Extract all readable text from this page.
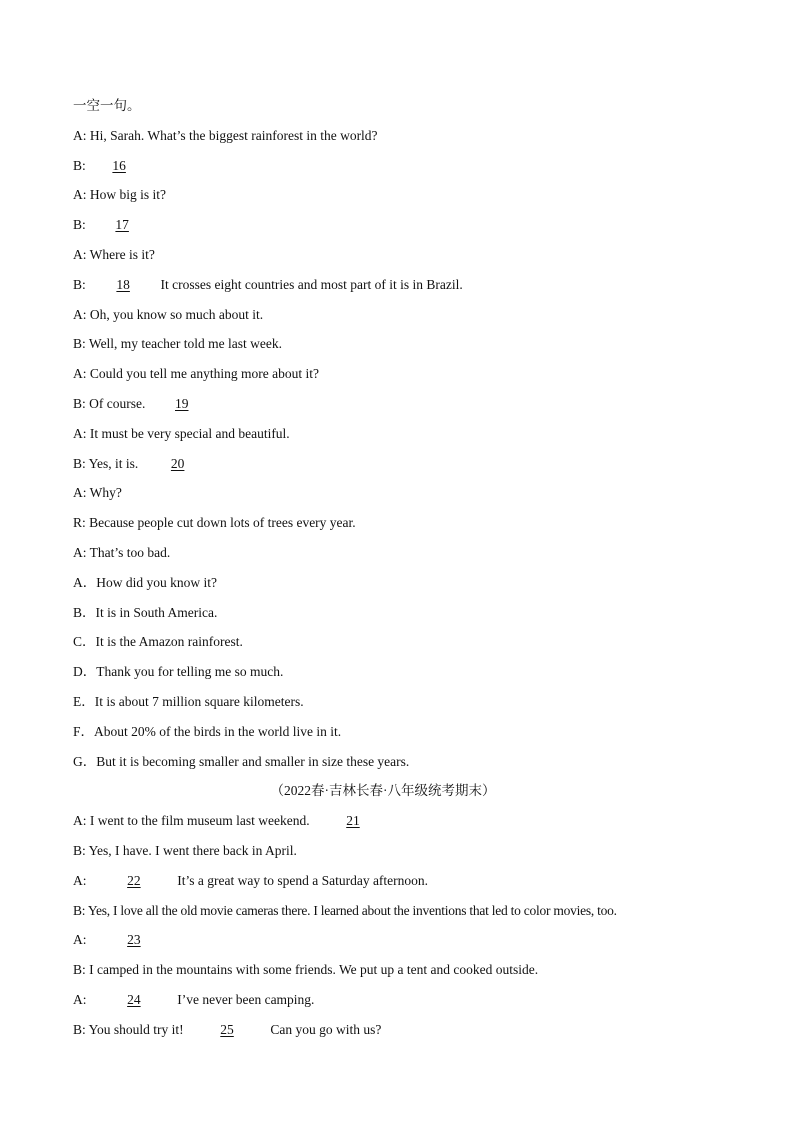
一空一句。
A: Hi, Sarah. What’s the biggest rainforest in the world?
B: 16
A: How big is it?
B: 17
A: Where is it?
B: 18 It crosses eight countries and most part of it is in Brazil.
A: Oh, you know so much about it.
B: Well, my teacher told me last week.
A: Could you tell me anything more about it?
B: Of course. 19
A: It must be very special and beautiful.
B: Yes, it is. 20
A: Why?
R: Because people cut down lots of trees every year.
A: That’s too bad.
A．How did you know it?
B．It is in South America.
C．It is the Amazon rainforest.
D．Thank you for telling me so much.
E．It is about 7 million square kilometers.
F．About 20% of the birds in the world live in it.
G．But it is becoming smaller and smaller in size these years.
（2022春·吉林长春·八年级统考期末）
A: I went to the film museum last weekend.	21
B: Yes, I have. I went there back in April.
A:	22	It’s a great way to spend a Saturday afternoon.
B: Yes, I love all the old movie cameras there. I learned about the inventions that led to color movies, too.
A:	23
B: I camped in the mountains with some friends. We put up a tent and cooked outside.
A:	24	I’ve never been camping.
B: You should try it!	25	Can you go with us?
